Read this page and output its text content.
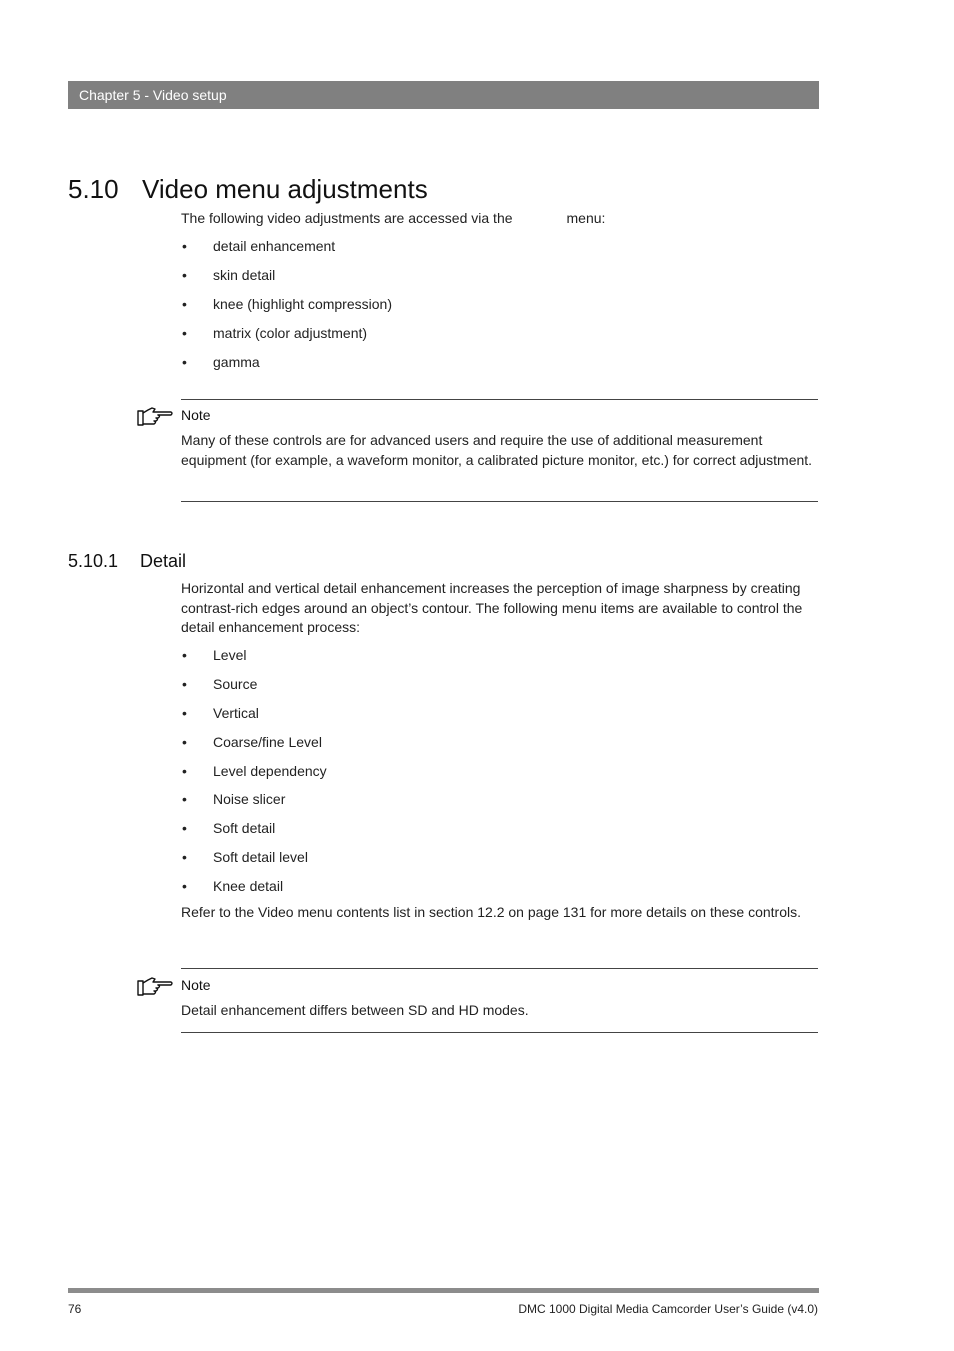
Chapter 5 - Video setup
5.10 Video menu adjustments
The following video adjustments are accessed via the	menu:
• detail enhancement
• skin detail
• knee (highlight compression)
• matrix (color adjustment)
• gamma
Note
Many of these controls are for advanced users and require the use of additional measurement equipment (for example, a waveform monitor, a calibrated picture monitor, etc.) for correct adjustment.
5.10.1 Detail
Horizontal and vertical detail enhancement increases the perception of image sharpness by creating contrast-rich edges around an object’s contour. The following menu items are available to control the detail enhancement process:
• Level
• Source
• Vertical
• Coarse/fine Level
• Level dependency
• Noise slicer
• Soft detail
• Soft detail level
• Knee detail
Refer to the Video menu contents list in section 12.2 on page 131 for more details on these controls.
Note
Detail enhancement differs between SD and HD modes.
76	DMC 1000 Digital Media Camcorder User’s Guide (v4.0)
